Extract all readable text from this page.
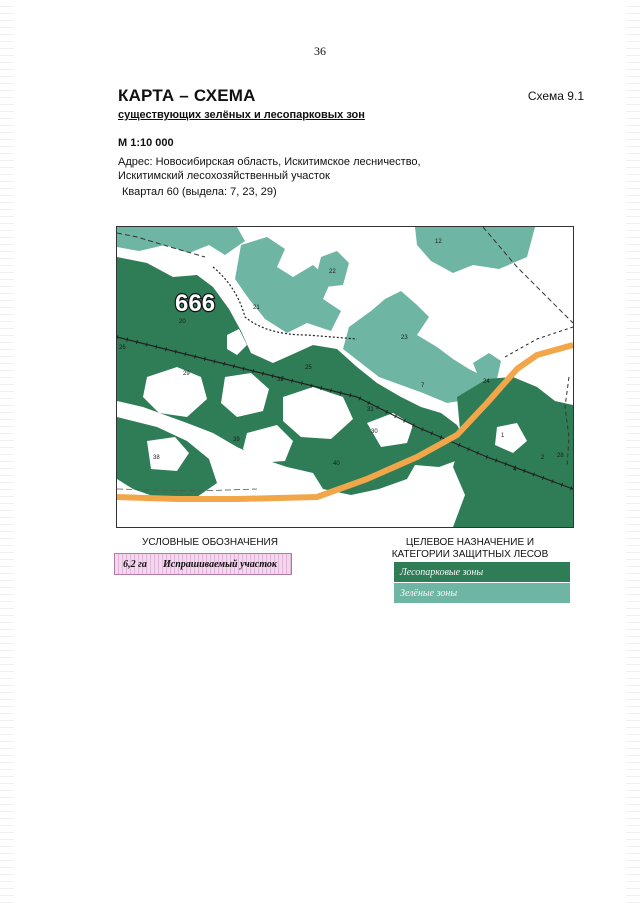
36
КАРТА – СХЕМА	Схема 9.1
существующих зелёных и лесопарковых зон
М 1:10 000
Адрес: Новосибирская область, Искитимское лесничество,
Искитимский лесохозяйственный участок
Квартал 60 (выдела: 7, 23, 29)
666
12
22
21
20
26
23
29
32
25
7
24
31
30
39
38
40
1
2 28
4
УСЛОВНЫЕ ОБОЗНАЧЕНИЯ	ЦЕЛЕВОЕ НАЗНАЧЕНИЕ И
КАТЕГОРИИ ЗАЩИТНЫХ ЛЕСОВ
6,2 га	Испрашиваемый участок
Лесопарковые зоны
Зелёные зоны
